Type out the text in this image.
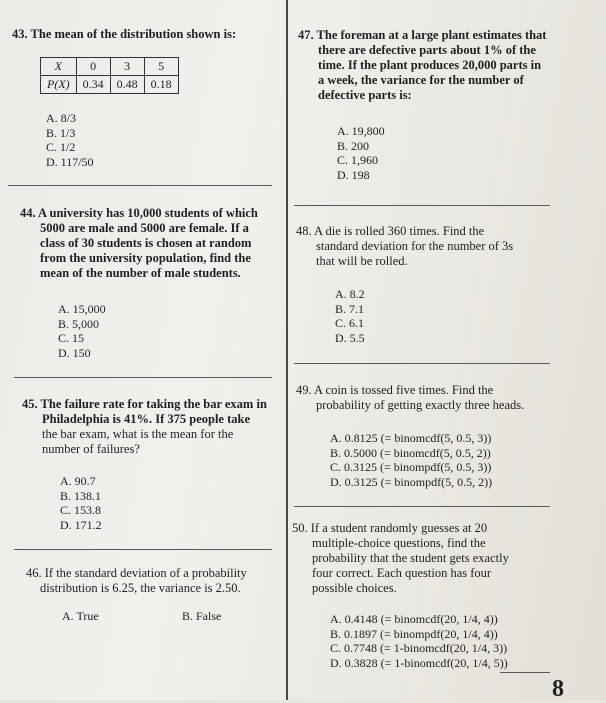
43. The mean of the distribution shown is:
X	0	3	5
P(X)	0.34	0.48	0.18
A. 8/3
B. 1/3
C. 1/2
D. 117/50
44. A university has 10,000 students of which
5000 are male and 5000 are female. If a
class of 30 students is chosen at random
from the university population, find the
mean of the number of male students.
A. 15,000
B. 5,000
C. 15
D. 150
45. The failure rate for taking the bar exam in
Philadelphia is 41%. If 375 people take
the bar exam, what is the mean for the
number of failures?
A. 90.7
B. 138.1
C. 153.8
D. 171.2
46. If the standard deviation of a probability
distribution is 6.25, the variance is 2.50.
A. True	B. False
47. The foreman at a large plant estimates that
there are defective parts about 1% of the
time. If the plant produces 20,000 parts in
a week, the variance for the number of
defective parts is:
A. 19,800
B. 200
C. 1,960
D. 198
48. A die is rolled 360 times. Find the
standard deviation for the number of 3s
that will be rolled.
A. 8.2
B. 7.1
C. 6.1
D. 5.5
49. A coin is tossed five times. Find the
probability of getting exactly three heads.
A. 0.8125 (= binomcdf(5, 0.5, 3))
B. 0.5000 (= binomcdf(5, 0.5, 2))
C. 0.3125 (= binompdf(5, 0.5, 3))
D. 0.3125 (= binompdf(5, 0.5, 2))
50. If a student randomly guesses at 20
multiple-choice questions, find the
probability that the student gets exactly
four correct. Each question has four
possible choices.
A. 0.4148 (= binomcdf(20, 1/4, 4))
B. 0.1897 (= binompdf(20, 1/4, 4))
C. 0.7748 (= 1-binomcdf(20, 1/4, 3))
D. 0.3828 (= 1-binomcdf(20, 1/4, 5))
8
